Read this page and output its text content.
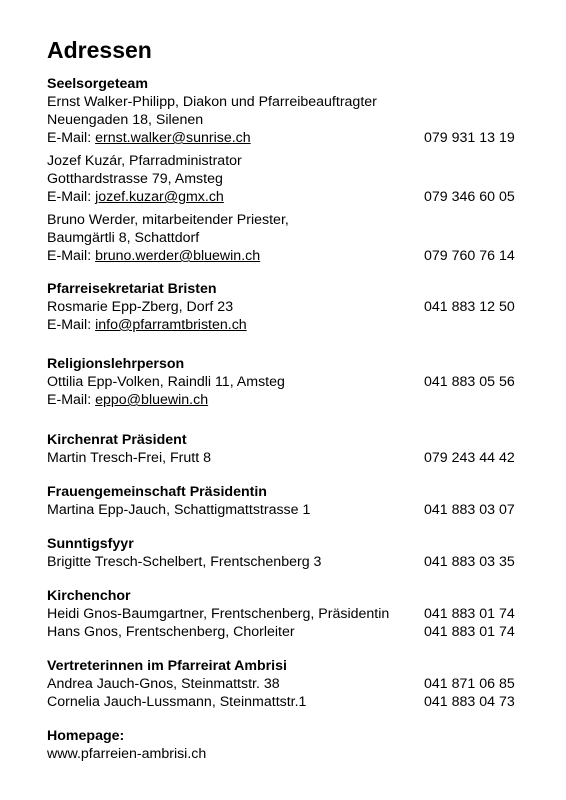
Adressen
Seelsorgeteam
Ernst Walker-Philipp, Diakon und Pfarreibeauftragter
Neuengaden 18, Silenen
E-Mail: ernst.walker@sunrise.ch	079 931 13 19
Jozef Kuzár, Pfarradministrator
Gotthardstrasse 79, Amsteg
E-Mail: jozef.kuzar@gmx.ch	079 346 60 05
Bruno Werder, mitarbeitender Priester,
Baumgärtli 8, Schattdorf
E-Mail: bruno.werder@bluewin.ch	079 760 76 14
Pfarreisekretariat Bristen
Rosmarie Epp-Zberg, Dorf 23	041 883 12 50
E-Mail: info@pfarramtbristen.ch
Religionslehrperson
Ottilia Epp-Volken, Raindli 11, Amsteg	041 883 05 56
E-Mail: eppo@bluewin.ch
Kirchenrat Präsident
Martin Tresch-Frei, Frutt 8	079 243 44 42
Frauengemeinschaft Präsidentin
Martina Epp-Jauch, Schattigmattstrasse 1	041 883 03 07
Sunntigsfyyr
Brigitte Tresch-Schelbert, Frentschenberg 3	041 883 03 35
Kirchenchor
Heidi Gnos-Baumgartner, Frentschenberg, Präsidentin 041 883 01 74
Hans Gnos, Frentschenberg, Chorleiter	041 883 01 74
Vertreterinnen im Pfarreirat Ambrisi
Andrea Jauch-Gnos, Steinmattstr. 38	041 871 06 85
Cornelia Jauch-Lussmann, Steinmattstr.1	041 883 04 73
Homepage:
www.pfarreien-ambrisi.ch
